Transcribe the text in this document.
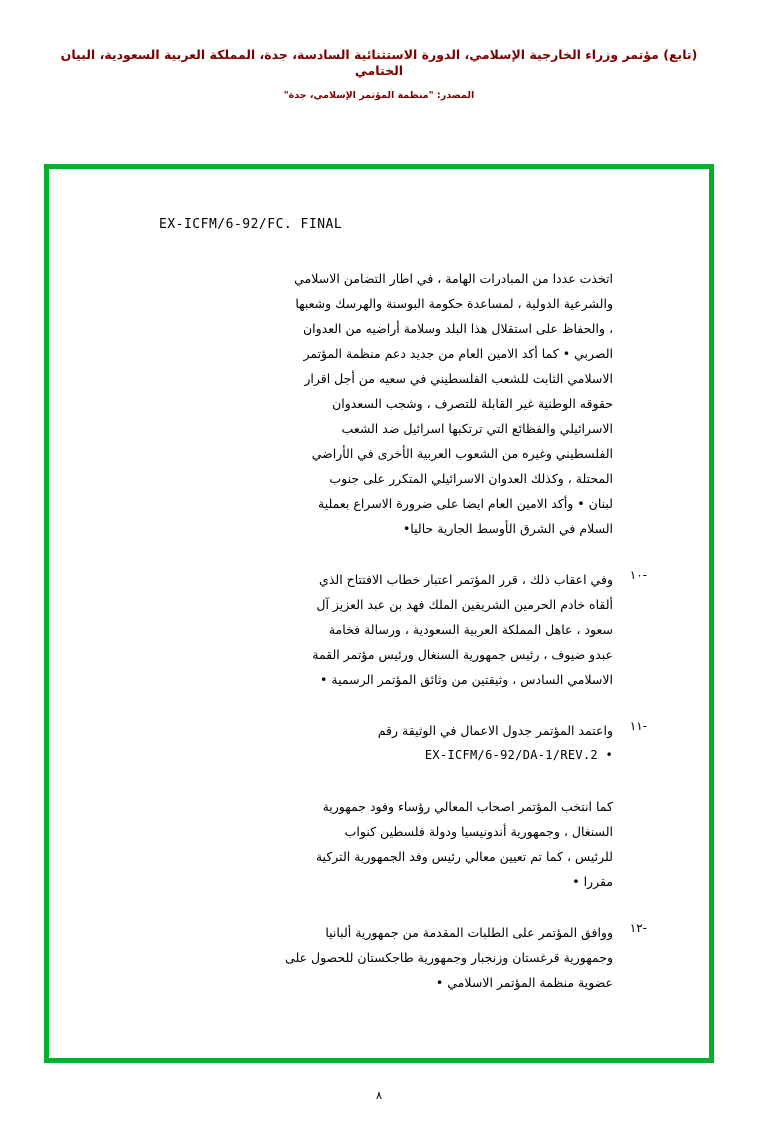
(تابع) مؤتمر وزراء الخارجية الإسلامي، الدورة الاستثنائية السادسة، جدة، المملكة العربية السعودية، البيان الختامي
المصدر: "منظمة المؤتمر الإسلامي، جدة"
EX-ICFM/6-92/FC. FINAL
اتخذت عددا من المبادرات الهامة ، في اطار التضامن الاسلامي
والشرعية الدولية ، لمساعدة حكومة البوسنة والهرسك وشعبها
، والحفاظ على استقلال هذا البلد وسلامة أراضيه من العدوان
الصربي • كما أكد الامين العام من جديد دعم منظمة المؤتمر
الاسلامي الثابت للشعب الفلسطيني في سعيه من أجل اقرار
حقوقه الوطنية غير القابلة للتصرف ، وشجب السعدوان
الاسرائيلي والفظائع التي ترتكبها اسرائيل ضد الشعب
الفلسطيني وغيره من الشعوب العربية الأخرى في الأراضي
المحتلة ، وكذلك العدوان الاسرائيلي المتكرر على جنوب
لبنان • وأكد الامين العام ايضا على ضرورة الاسراع بعملية
السلام في الشرق الأوسط الجارية حاليا•
-١٠
وفي اعقاب ذلك ، قرر المؤتمر اعتبار خطاب الافتتاح الذي
ألقاه خادم الحرمين الشريفين الملك فهد بن عبد العزيز آل
سعود ، عاهل المملكة العربية السعودية ، ورسالة فخامة
عبدو ضيوف ، رئيس جمهورية السنغال ورئيس مؤتمر القمة
الاسلامي السادس ، وثيقتين من وثائق المؤتمر الرسمية •
-١١
واعتمد المؤتمر جدول الاعمال في الوثيقة رقم
EX-ICFM/6-92/DA-1/REV.2 •
كما انتخب المؤتمر اصحاب المعالي رؤساء وفود جمهورية
السنغال ، وجمهورية أندونيسيا ودولة فلسطين كنواب
للرئيس ، كما تم تعيين معالي رئيس وفد الجمهورية التركية
مقررا •
-١٢
ووافق المؤتمر على الطلبات المقدمة من جمهورية ألبانيا
وجمهورية قرغستان وزنجبار وجمهورية طاجكستان للحصول على
عضوية منظمة المؤتمر الاسلامي •
٨
